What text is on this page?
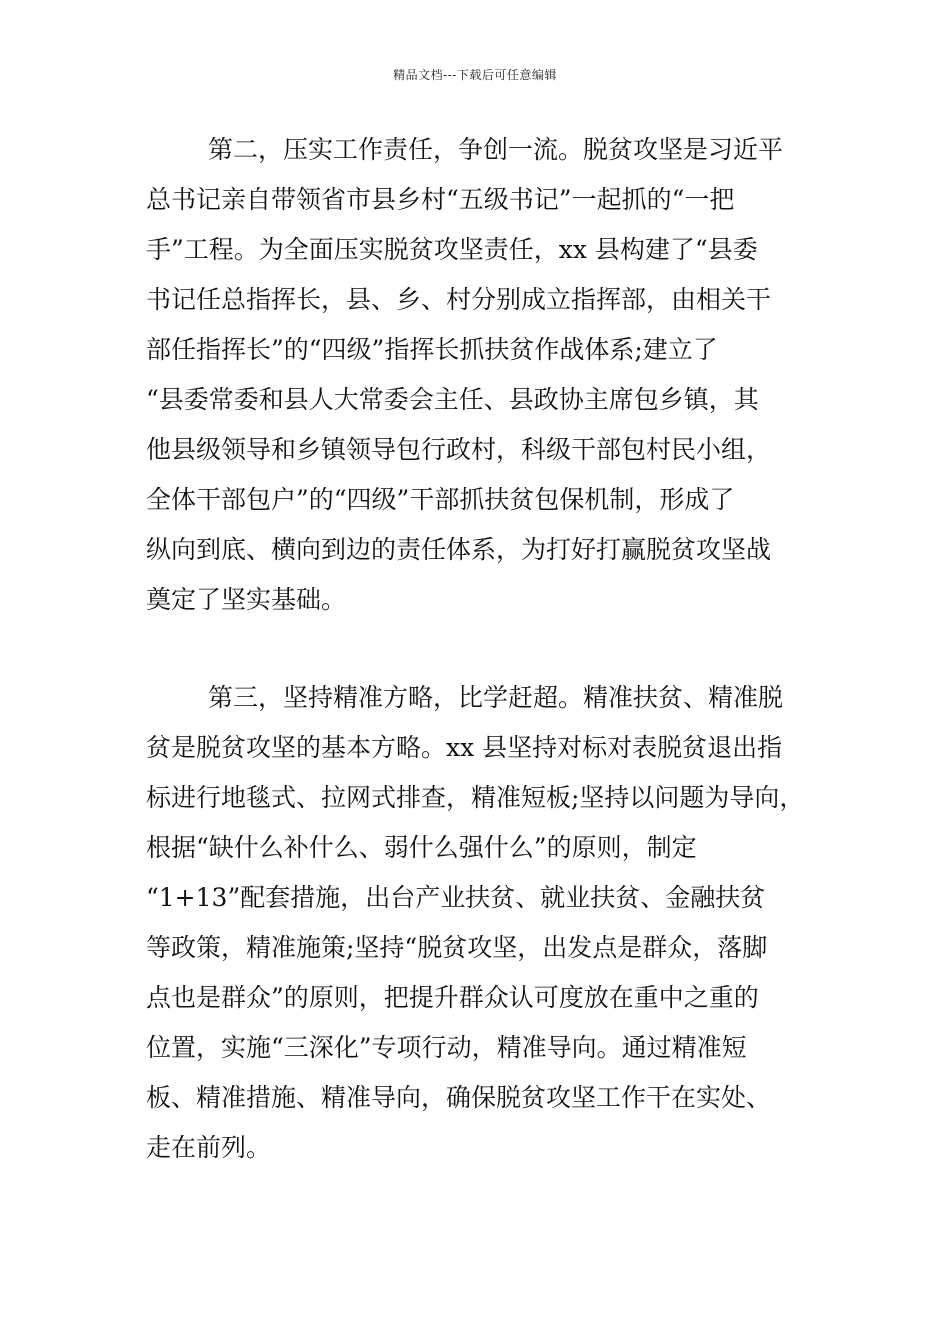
精品文档---下载后可任意编辑
第二，压实工作责任，争创一流。脱贫攻坚是习近平
总书记亲自带领省市县乡村“五级书记”一起抓的“一把
手”工程。为全面压实脱贫攻坚责任，xx 县构建了“县委
书记任总指挥长，县、乡、村分别成立指挥部，由相关干
部任指挥长”的“四级”指挥长抓扶贫作战体系;建立了
“县委常委和县人大常委会主任、县政协主席包乡镇，其
他县级领导和乡镇领导包行政村，科级干部包村民小组，
全体干部包户”的“四级”干部抓扶贫包保机制，形成了
纵向到底、横向到边的责任体系，为打好打赢脱贫攻坚战
奠定了坚实基础。
第三，坚持精准方略，比学赶超。精准扶贫、精准脱
贫是脱贫攻坚的基本方略。xx 县坚持对标对表脱贫退出指
标进行地毯式、拉网式排查，精准短板;坚持以问题为导向，
根据“缺什么补什么、弱什么强什么”的原则，制定
“1+13”配套措施，出台产业扶贫、就业扶贫、金融扶贫
等政策，精准施策;坚持“脱贫攻坚，出发点是群众，落脚
点也是群众”的原则，把提升群众认可度放在重中之重的
位置，实施“三深化”专项行动，精准导向。通过精准短
板、精准措施、精准导向，确保脱贫攻坚工作干在实处、
走在前列。
